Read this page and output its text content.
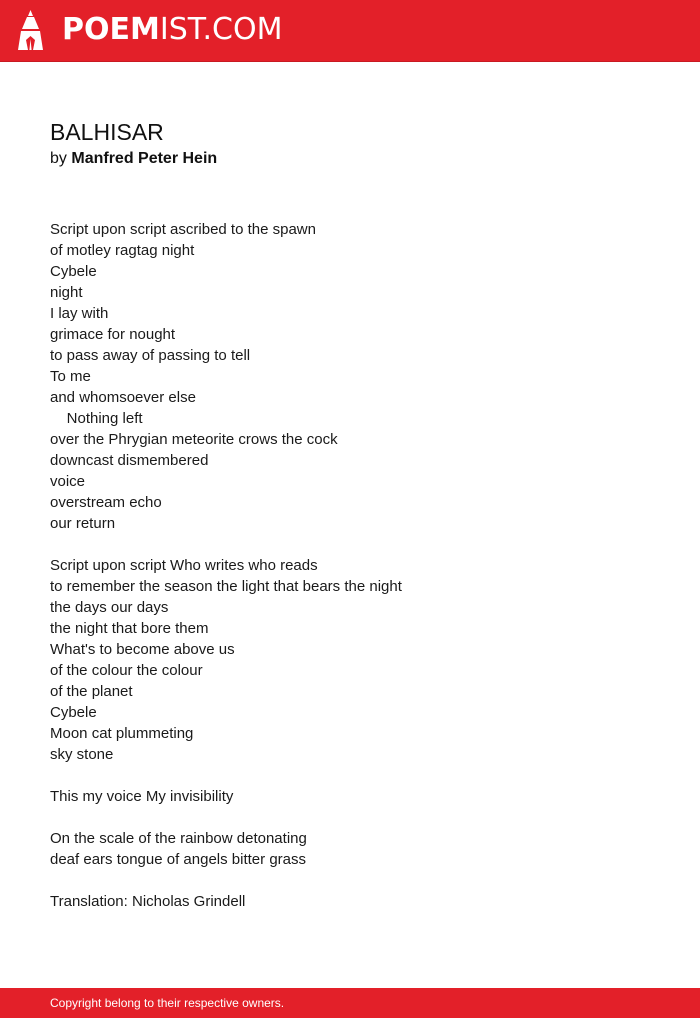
POEMIST.COM
BALHISAR
by Manfred Peter Hein
Script upon script ascribed to the spawn
of motley ragtag night
Cybele
night
I lay with
grimace for nought
to pass away of passing to tell
To me
and whomsoever else
Nothing left
over the Phrygian meteorite crows the cock
downcast dismembered
voice
overstream echo
our return
Script upon script Who writes who reads
to remember the season the light that bears the night
the days our days
the night that bore them
What's to become above us
of the colour the colour
of the planet
Cybele
Moon cat plummeting
sky stone
This my voice My invisibility
On the scale of the rainbow detonating
deaf ears tongue of angels bitter grass
Translation: Nicholas Grindell
Copyright belong to their respective owners.
